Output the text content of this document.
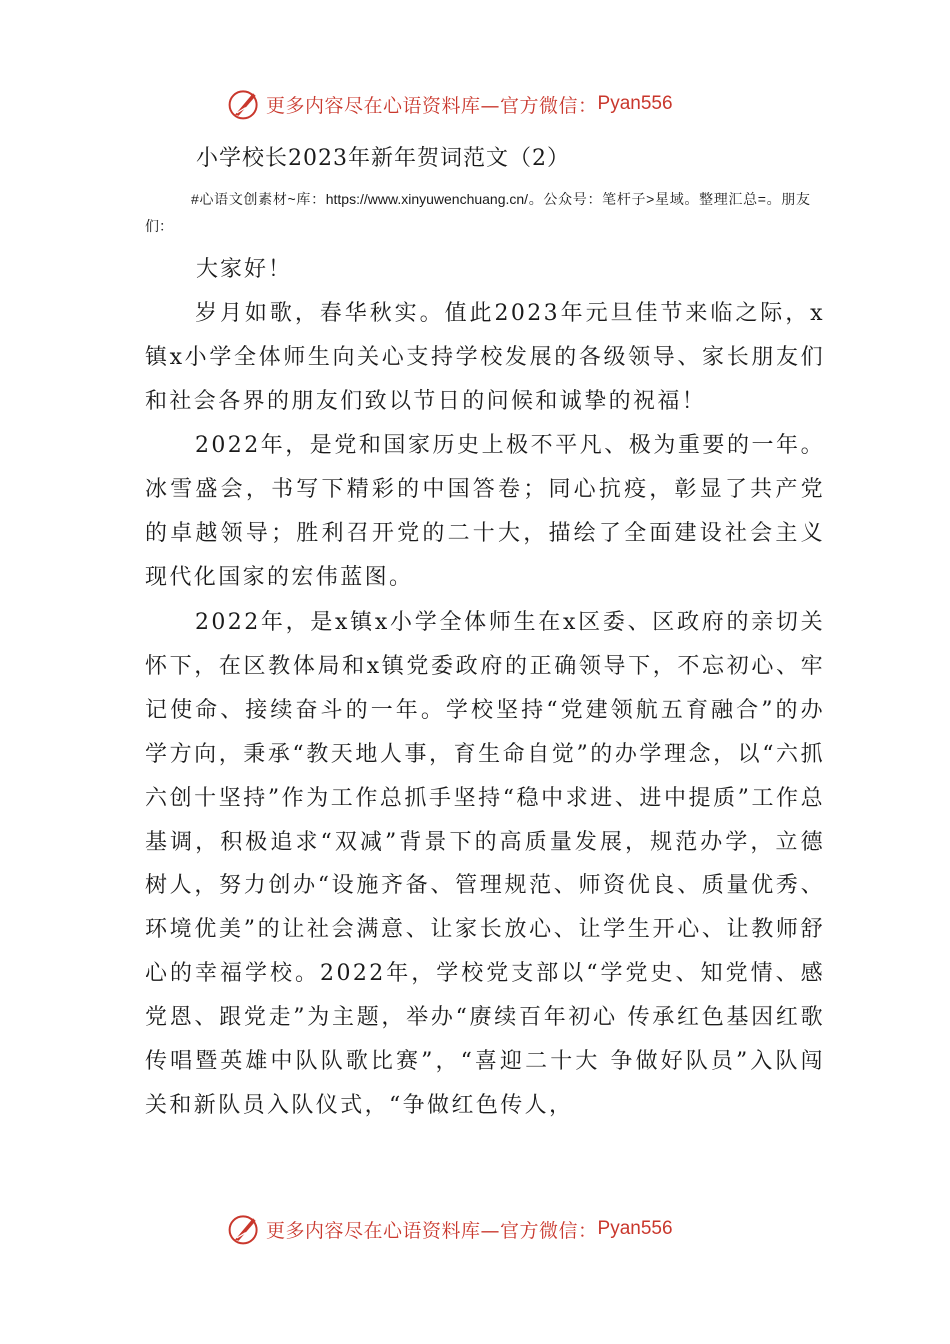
更多内容尽在心语资料库—官方微信： Pyan556
小学校长2023年新年贺词范文（2）

#心语文创素材~库：https://www.xinyuwenchuang.cn/。公众号：笔杆子>星域。整理汇总=。朋友们：

大家好！

岁月如歌，春华秋实。值此2023年元旦佳节来临之际，x镇x小学全体师生向关心支持学校发展的各级领导、家长朋友们和社会各界的朋友们致以节日的问候和诚挚的祝福！

2022年，是党和国家历史上极不平凡、极为重要的一年。冰雪盛会，书写下精彩的中国答卷；同心抗疫，彰显了共产党的卓越领导；胜利召开党的二十大，描绘了全面建设社会主义现代化国家的宏伟蓝图。

2022年，是x镇x小学全体师生在x区委、区政府的亲切关怀下，在区教体局和x镇党委政府的正确领导下，不忘初心、牢记使命、接续奋斗的一年。学校坚持“党建领航五育融合”的办学方向，秉承“教天地人事，育生命自觉”的办学理念，以“六抓六创十坚持”作为工作总抓手坚持“稳中求进、进中提质”工作总基调，积极追求“双减”背景下的高质量发展，规范办学，立德树人，努力创办“设施齐备、管理规范、师资优良、质量优秀、环境优美”的让社会满意、让家长放心、让学生开心、让教师舒心的幸福学校。2022年，学校党支部以“学党史、知党情、感党恩、跟党走”为主题，举办“赓续百年初心 传承红色基因红歌传唱暨英雄中队队歌比赛”，“喜迎二十大 争做好队员”入队闯关和新队员入队仪式，“争做红色传人，

更多内容尽在心语资料库—官方微信： Pyan556
